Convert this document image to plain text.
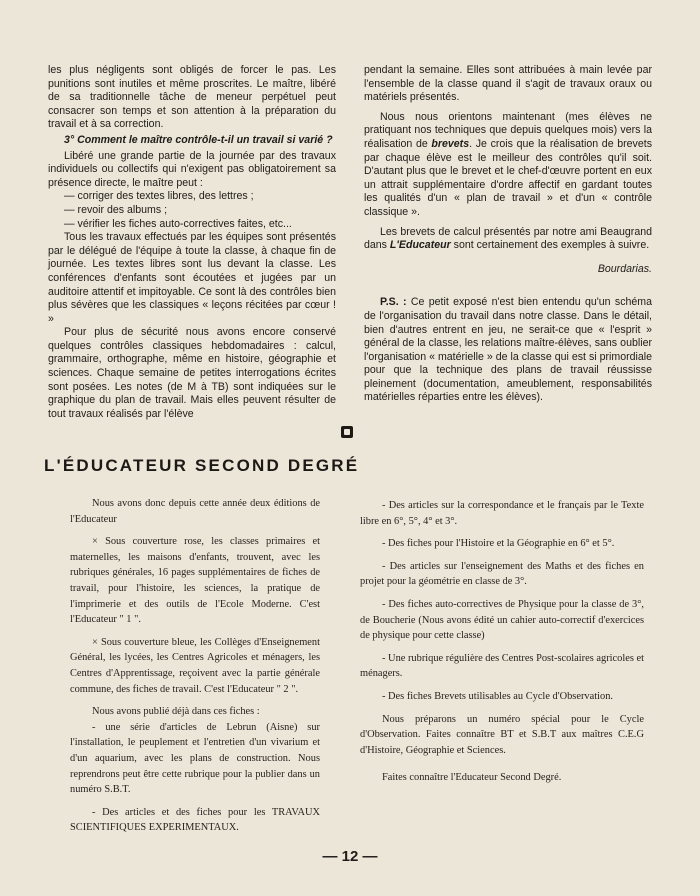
les plus négligents sont obligés de forcer le pas. Les punitions sont inutiles et même proscrites. Le maître, libéré de sa traditionnelle tâche de meneur perpétuel peut consacrer son temps et son attention à la préparation du travail et à sa correction.

3° Comment le maître contrôle-t-il un travail si varié ?

Libéré une grande partie de la journée par des travaux individuels ou collectifs qui n'exigent pas obligatoirement sa présence directe, le maître peut :

— corriger des textes libres, des lettres ;

— revoir des albums ;

— vérifier les fiches auto-correctives faites, etc...

Tous les travaux effectués par les équipes sont présentés par le délégué de l'équipe à toute la classe, à chaque fin de journée. Les textes libres sont lus devant la classe. Les conférences d'enfants sont écoutées et jugées par un auditoire attentif et impitoyable. Ce sont là des contrôles bien plus sévères que les classiques « leçons récitées par cœur ! »

Pour plus de sécurité nous avons encore conservé quelques contrôles classiques hebdomadaires : calcul, grammaire, orthographe, même en histoire, géographie et sciences. Chaque semaine de petites interrogations écrites sont posées. Les notes (de M à TB) sont indiquées sur le graphique du plan de travail. Mais elles peuvent résulter de tout travaux réalisés par l'élève

pendant la semaine. Elles sont attribuées à main levée par l'ensemble de la classe quand il s'agit de travaux oraux ou matériels présentés.

Nous nous orientons maintenant (mes élèves ne pratiquant nos techniques que depuis quelques mois) vers la réalisation de brevets. Je crois que la réalisation de brevets par chaque élève est le meilleur des contrôles qu'il soit. D'autant plus que le brevet et le chef-d'œuvre portent en eux un attrait supplémentaire d'ordre affectif en gardant toutes les qualités d'un « plan de travail » et d'un « contrôle classique ».

Les brevets de calcul présentés par notre ami Beaugrand dans L'Educateur sont certainement des exemples à suivre.

Bourdarias.

P.S. : Ce petit exposé n'est bien entendu qu'un schéma de l'organisation du travail dans notre classe. Dans le détail, bien d'autres entrent en jeu, ne serait-ce que « l'esprit » général de la classe, les relations maître-élèves, sans oublier l'organisation « matérielle » de la classe qui est si primordiale pour que la technique des plans de travail réussisse pleinement (documentation, ameublement, responsabilités matérielles réparties entre les élèves).

L'ÉDUCATEUR SECOND DEGRÉ

Nous avons donc depuis cette année deux éditions de l'Educateur

× Sous couverture rose, les classes primaires et maternelles, les maisons d'enfants, trouvent, avec les rubriques générales, 16 pages supplémentaires de fiches de travail, pour l'histoire, les sciences, la pratique de l'imprimerie et des outils de l'Ecole Moderne. C'est l'Educateur " 1 ".

× Sous couverture bleue, les Collèges d'Enseignement Général, les lycées, les Centres Agricoles et ménagers, les Centres d'Apprentissage, reçoivent avec la partie générale commune, des fiches de travail. C'est l'Educateur " 2 ".

Nous avons publié déjà dans ces fiches :

- une série d'articles de Lebrun (Aisne) sur l'installation, le peuplement et l'entretien d'un vivarium et d'un aquarium, avec les plans de construction. Nous reprendrons peut être cette rubrique pour la publier dans un numéro S.B.T.

- Des articles et des fiches pour les TRAVAUX SCIENTIFIQUES EXPERIMENTAUX.

- Des articles sur la correspondance et le français par le Texte libre en 6°, 5°, 4° et 3°.

- Des fiches pour l'Histoire et la Géographie en 6° et 5°.

- Des articles sur l'enseignement des Maths et des fiches en projet pour la géométrie en classe de 3°.

- Des fiches auto-correctives de Physique pour la classe de 3°, de Boucherie (Nous avons édité un cahier auto-correctif d'exercices de physique pour cette classe)

- Une rubrique régulière des Centres Post-scolaires agricoles et ménagers.

- Des fiches Brevets utilisables au Cycle d'Observation.

Nous préparons un numéro spécial pour le Cycle d'Observation. Faites connaître BT et S.B.T aux maîtres C.E.G d'Histoire, Géographie et Sciences.

Faites connaître l'Educateur Second Degré.

— 12 —
